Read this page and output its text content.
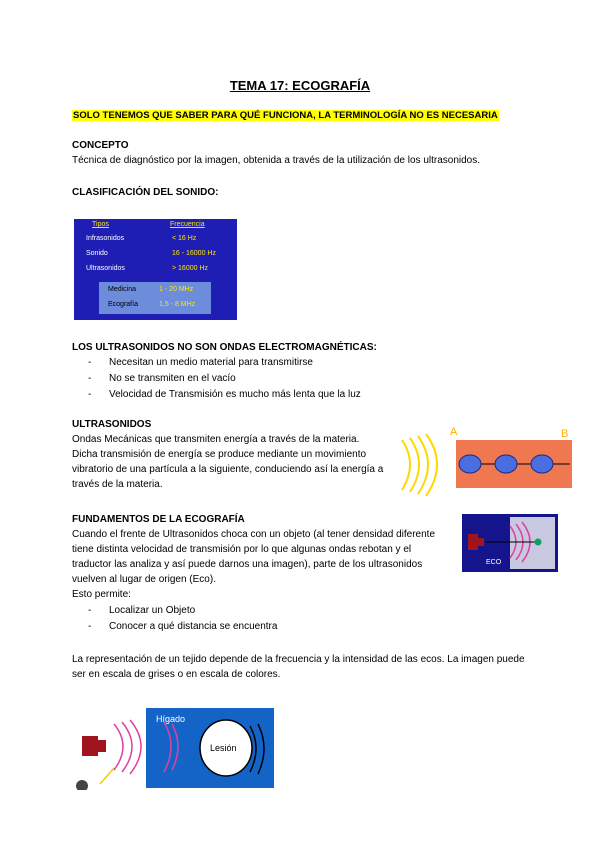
TEMA 17: ECOGRAFÍA
SOLO TENEMOS QUE SABER PARA QUÉ FUNCIONA, LA TERMINOLOGÍA NO ES NECESARIA
CONCEPTO
Técnica de diagnóstico por la imagen, obtenida a través de la utilización de los ultrasonidos.
CLASIFICACIÓN DEL SONIDO:
Tipos	Frecuencia
Infrasonidos	< 16 Hz
Sonido	16 - 16000 Hz
Ultrasonidos	> 16000 Hz
Medicina	1 - 20 MHz
Ecografía	1,5 - 8 MHz
LOS ULTRASONIDOS NO SON ONDAS ELECTROMAGNÉTICAS:
- Necesitan un medio material para transmitirse
- No se transmiten en el vacío
- Velocidad de Transmisión es mucho más lenta que la luz
ULTRASONIDOS
Ondas Mecánicas que transmiten energía a través de la materia.
Dicha transmisión de energía se produce mediante un movimiento
vibratorio de una partícula a la siguiente, conduciendo así la energía a
través de la materia.
A	B
FUNDAMENTOS DE LA ECOGRAFÍA
Cuando el frente de Ultrasonidos choca con un objeto (al tener densidad diferente
tiene distinta velocidad de transmisión por lo que algunas ondas rebotan y el
traductor las analiza y así puede darnos una imagen), parte de los ultrasonidos
vuelven al lugar de origen (Eco).
Esto permite:
- Localizar un Objeto
- Conocer a qué distancia se encuentra
ECO
La representación de un tejido depende de la frecuencia y la intensidad de las ecos. La imagen puede
ser en escala de grises o en escala de colores.
Hígado
Lesión
